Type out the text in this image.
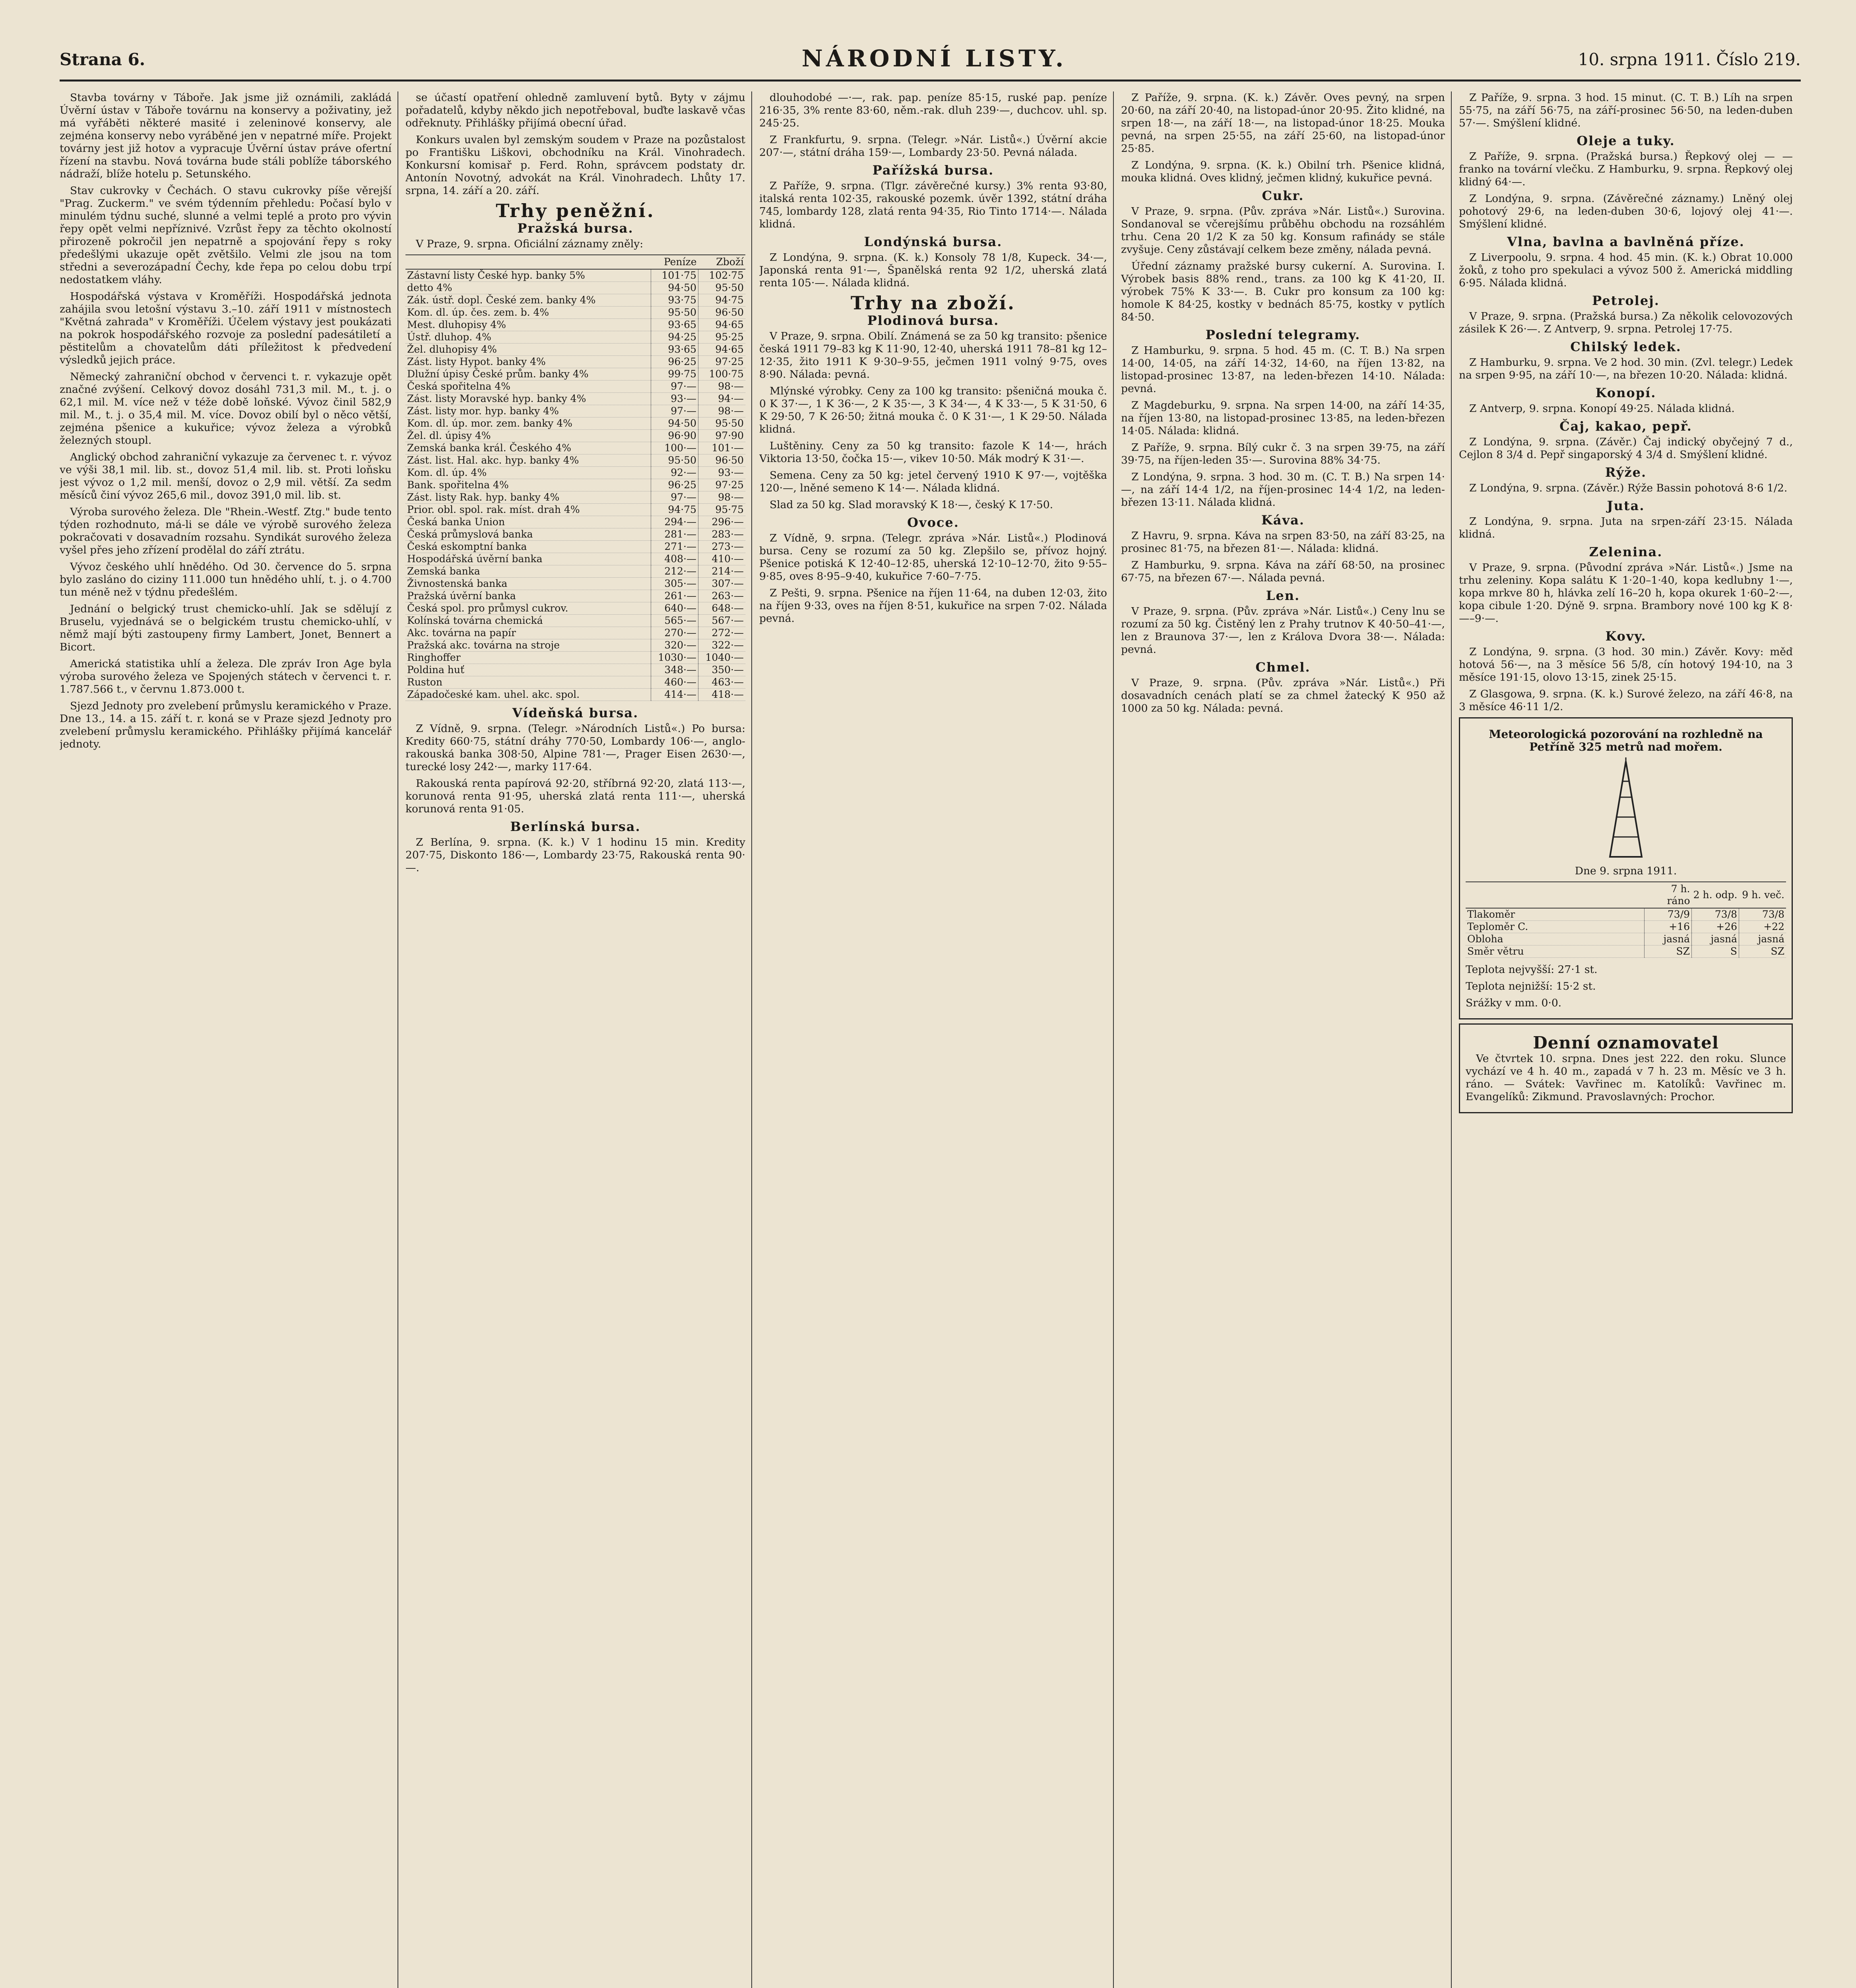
Strana 6.	NÁRODNÍ LISTY.	10. srpna 1911. Číslo 219.

Stavba továrny v Táboře. Jak jsme již oznámili, zakládá Úvěrní ústav v Táboře továrnu na konservy a poživatiny, jež má vyřáběti některé masité i zeleninové konservy, ale zejména konservy nebo vyráběné jen v nepatrné míře. Projekt továrny jest již hotov a vypracuje Úvěrní ústav práve ofertní řízení na stavbu. Nová továrna bude stáli poblíže táborského nádraží, blíže hotelu p. Setunského.

Stav cukrovky v Čechách. O stavu cukrovky píše věrejší "Prag. Zuckerm." ve svém týdenním přehledu: Počasí bylo v minulém týdnu suché, slunné a velmi teplé a proto pro vývin řepy opět velmi nepříznivé. Vzrůst řepy za těchto okolností přirozeně pokročil jen nepatrně a spojování řepy s roky předešlými ukazuje opět zvětšilo. Velmi zle jsou na tom středni a severozápadní Čechy, kde řepa po celou dobu trpí nedostatkem vláhy.

Hospodářská výstava v Kroměříži. Hospodářská jednota zahájila svou letošní výstavu 3.–10. září 1911 v místnostech "Květná zahrada" v Kroměříži. Účelem výstavy jest poukázati na pokrok hospodářského rozvoje za poslední padesátiletí a pěstitelům a chovatelům dáti příležitost k předvedení výsledků jejich práce.

Německý zahraniční obchod v červenci t. r. vykazuje opět značné zvýšení. Celkový dovoz dosáhl 731,3 mil. M., t. j. o 62,1 mil. M. více než v téže době loňské. Vývoz činil 582,9 mil. M., t. j. o 35,4 mil. M. více. Dovoz obilí byl o něco větší, zejména pšenice a kukuřice; vývoz železa a výrobků železných stoupl.

Anglický obchod zahraniční vykazuje za červenec t. r. vývoz ve výši 38,1 mil. lib. st., dovoz 51,4 mil. lib. st. Proti loňsku jest vývoz o 1,2 mil. menší, dovoz o 2,9 mil. větší. Za sedm měsíců činí vývoz 265,6 mil., dovoz 391,0 mil. lib. st.

Výroba surového železa. Dle "Rhein.-Westf. Ztg." bude tento týden rozhodnuto, má-li se dále ve výrobě surového železa pokračovati v dosavadním rozsahu. Syndikát surového železa vyšel přes jeho zřízení prodělal do září ztrátu.

Vývoz českého uhlí hnědého. Od 30. července do 5. srpna bylo zasláno do ciziny 111.000 tun hnědého uhlí, t. j. o 4.700 tun méně než v týdnu předešlém.

Jednání o belgický trust chemicko-uhlí. Jak se sdělují z Bruselu, vyjednává se o belgickém trustu chemicko-uhlí, v němž mají býti zastoupeny firmy Lambert, Jonet, Bennert a Bicort.

Americká statistika uhlí a železa. Dle zpráv Iron Age byla výroba surového železa ve Spojených státech v červenci t. r. 1.787.566 t., v červnu 1.873.000 t.

Sjezd Jednoty pro zvelebení průmyslu keramického v Praze. Dne 13., 14. a 15. září t. r. koná se v Praze sjezd Jednoty pro zvelebení průmyslu keramického. Přihlášky přijímá kancelář jednoty.

se účastí opatření ohledně zamluvení bytů. Byty v zájmu pořadatelů, kdyby někdo jich nepotřeboval, buďte laskavě včas odřeknuty. Přihlášky přijímá obecní úřad.

Konkurs uvalen byl zemským soudem v Praze na pozůstalost po Františku Liškovi, obchodníku na Král. Vinohradech. Konkursní komisař p. Ferd. Rohn, správcem podstaty dr. Antonín Novotný, advokát na Král. Vinohradech. Lhůty 17. srpna, 14. září a 20. září.

Trhy peněžní.
Pražská bursa.

V Praze, 9. srpna. Oficiální záznamy zněly:

	Peníze	Zboží
Zástavní listy České hyp. banky 5%	101·75	102·75
detto 4%	94·50	95·50
Zák. ústř. dopl. České zem. banky 4%	93·75	94·75
Kom. dl. úp. čes. zem. b. 4%	95·50	96·50
Mest. dluhopisy 4%	93·65	94·65
Ústř. dluhop. 4%	94·25	95·25
Žel. dluhopisy 4%	93·65	94·65
Zást. listy Hypot. banky 4%	96·25	97·25
Dlužní úpisy České prům. banky 4%	99·75	100·75
Česká spořitelna 4%	97·—	98·—
Zást. listy Moravské hyp. banky 4%	93·—	94·—
Zást. listy mor. hyp. banky 4%	97·—	98·—
Kom. dl. úp. mor. zem. banky 4%	94·50	95·50
Žel. dl. úpisy 4%	96·90	97·90
Zemská banka král. Českého 4%	100·—	101·—
Zást. list. Hal. akc. hyp. banky 4%	95·50	96·50
Kom. dl. úp. 4%	92·—	93·—
Bank. spořitelna 4%	96·25	97·25
Zást. listy Rak. hyp. banky 4%	97·—	98·—
Prior. obl. spol. rak. míst. drah 4%	94·75	95·75
Česká banka Union	294·—	296·—
Česká průmyslová banka	281·—	283·—
Česká eskomptní banka	271·—	273·—
Hospodářská úvěrní banka	408·—	410·—
Zemská banka	212·—	214·—
Živnostenská banka	305·—	307·—
Pražská úvěrní banka	261·—	263·—
Česká spol. pro průmysl cukrov.	640·—	648·—
Kolínská továrna chemická	565·—	567·—
Akc. továrna na papír	270·—	272·—
Pražská akc. továrna na stroje	320·—	322·—
Ringhoffer	1030·—	1040·—
Poldina huť	348·—	350·—
Ruston	460·—	463·—
Západočeské kam. uhel. akc. spol.	414·—	418·—
Vídeňská bursa.

Z Vídně, 9. srpna. (Telegr. »Národních Listů«.) Po bursa: Kredity 660·75, státní dráhy 770·50, Lombardy 106·—, anglo-rakouská banka 308·50, Alpine 781·—, Prager Eisen 2630·—, turecké losy 242·—, marky 117·64.

Rakouská renta papírová 92·20, stříbrná 92·20, zlatá 113·—, korunová renta 91·95, uherská zlatá renta 111·—, uherská korunová renta 91·05.

Berlínská bursa.

Z Berlína, 9. srpna. (K. k.) V 1 hodinu 15 min. Kredity 207·75, Diskonto 186·—, Lombardy 23·75, Rakouská renta 90·—.

dlouhodobé —·—, rak. pap. peníze 85·15, ruské pap. peníze 216·35, 3% rente 83·60, něm.-rak. dluh 239·—, duchcov. uhl. sp. 245·25.

Z Frankfurtu, 9. srpna. (Telegr. »Nár. Listů«.) Úvěrní akcie 207·—, státní dráha 159·—, Lombardy 23·50. Pevná nálada.

Pařížská bursa.

Z Paříže, 9. srpna. (Tlgr. závěrečné kursy.) 3% renta 93·80, italská renta 102·35, rakouské pozemk. úvěr 1392, státní dráha 745, lombardy 128, zlatá renta 94·35, Rio Tinto 1714·—. Nálada klidná.

Londýnská bursa.

Z Londýna, 9. srpna. (K. k.) Konsoly 78 1/8, Kupeck. 34·—, Japonská renta 91·—, Španělská renta 92 1/2, uherská zlatá renta 105·—. Nálada klidná.

Trhy na zboží.
Plodinová bursa.

V Praze, 9. srpna. Obilí. Známená se za 50 kg transito: pšenice česká 1911 79–83 kg K 11·90, 12·40, uherská 1911 78–81 kg 12–12·35, žito 1911 K 9·30–9·55, ječmen 1911 volný 9·75, oves 8·90. Nálada: pevná.

Mlýnské výrobky. Ceny za 100 kg transito: pšeničná mouka č. 0 K 37·—, 1 K 36·—, 2 K 35·—, 3 K 34·—, 4 K 33·—, 5 K 31·50, 6 K 29·50, 7 K 26·50; žitná mouka č. 0 K 31·—, 1 K 29·50. Nálada klidná.

Luštěniny. Ceny za 50 kg transito: fazole K 14·—, hrách Viktoria 13·50, čočka 15·—, vikev 10·50. Mák modrý K 31·—.

Semena. Ceny za 50 kg: jetel červený 1910 K 97·—, vojtěška 120·—, lněné semeno K 14·—. Nálada klidná.

Slad za 50 kg. Slad moravský K 18·—, český K 17·50.

Ovoce.

Z Vídně, 9. srpna. (Telegr. zpráva »Nár. Listů«.) Plodinová bursa. Ceny se rozumí za 50 kg. Zlepšilo se, přívoz hojný. Pšenice potiská K 12·40–12·85, uherská 12·10–12·70, žito 9·55–9·85, oves 8·95–9·40, kukuřice 7·60–7·75.

Z Pešti, 9. srpna. Pšenice na říjen 11·64, na duben 12·03, žito na říjen 9·33, oves na říjen 8·51, kukuřice na srpen 7·02. Nálada pevná.

Z Paříže, 9. srpna. (K. k.) Závěr. Oves pevný, na srpen 20·60, na září 20·40, na listopad-únor 20·95. Žito klidné, na srpen 18·—, na září 18·—, na listopad-únor 18·25. Mouka pevná, na srpen 25·55, na září 25·60, na listopad-únor 25·85.

Z Londýna, 9. srpna. (K. k.) Obilní trh. Pšenice klidná, mouka klidná. Oves klidný, ječmen klidný, kukuřice pevná.

Cukr.

V Praze, 9. srpna. (Pův. zpráva »Nár. Listů«.) Surovina. Sondanoval se včerejšímu průběhu obchodu na rozsáhlém trhu. Cena 20 1/2 K za 50 kg. Konsum rafinády se stále zvyšuje. Ceny zůstávají celkem beze změny, nálada pevná.

Úřední záznamy pražské bursy cukerní. A. Surovina. I. Výrobek basis 88% rend., trans. za 100 kg K 41·20, II. výrobek 75% K 33·—. B. Cukr pro konsum za 100 kg: homole K 84·25, kostky v bednách 85·75, kostky v pytlích 84·50.

Poslední telegramy.

Z Hamburku, 9. srpna. 5 hod. 45 m. (C. T. B.) Na srpen 14·00, 14·05, na září 14·32, 14·60, na říjen 13·82, na listopad-prosinec 13·87, na leden-březen 14·10. Nálada: pevná.

Z Magdeburku, 9. srpna. Na srpen 14·00, na září 14·35, na říjen 13·80, na listopad-prosinec 13·85, na leden-březen 14·05. Nálada: klidná.

Z Paříže, 9. srpna. Bílý cukr č. 3 na srpen 39·75, na září 39·75, na říjen-leden 35·—. Surovina 88% 34·75.

Z Londýna, 9. srpna. 3 hod. 30 m. (C. T. B.) Na srpen 14·—, na září 14·4 1/2, na říjen-prosinec 14·4 1/2, na leden-březen 13·11. Nálada klidná.

Káva.

Z Havru, 9. srpna. Káva na srpen 83·50, na září 83·25, na prosinec 81·75, na březen 81·—. Nálada: klidná.

Z Hamburku, 9. srpna. Káva na září 68·50, na prosinec 67·75, na březen 67·—. Nálada pevná.

Len.

V Praze, 9. srpna. (Pův. zpráva »Nár. Listů«.) Ceny lnu se rozumí za 50 kg. Čistěný len z Prahy trutnov K 40·50–41·—, len z Braunova 37·—, len z Králova Dvora 38·—. Nálada: pevná.

Chmel.

V Praze, 9. srpna. (Pův. zpráva »Nár. Listů«.) Při dosavadních cenách platí se za chmel žatecký K 950 až 1000 za 50 kg. Nálada: pevná.

Z Paříže, 9. srpna. 3 hod. 15 minut. (C. T. B.) Líh na srpen 55·75, na září 56·75, na září-prosinec 56·50, na leden-duben 57·—. Smýšlení klidné.

Oleje a tuky.

Z Paříže, 9. srpna. (Pražská bursa.) Řepkový olej — — franko na tovární vlečku. Z Hamburku, 9. srpna. Řepkový olej klidný 64·—.

Z Londýna, 9. srpna. (Závěrečné záznamy.) Lněný olej pohotový 29·6, na leden-duben 30·6, lojový olej 41·—. Smýšlení klidné.

Vlna, bavlna a bavlněná příze.

Z Liverpoolu, 9. srpna. 4 hod. 45 min. (K. k.) Obrat 10.000 žoků, z toho pro spekulaci a vývoz 500 ž. Americká middling 6·95. Nálada klidná.

Petrolej.

V Praze, 9. srpna. (Pražská bursa.) Za několik celovozových zásilek K 26·—. Z Antverp, 9. srpna. Petrolej 17·75.

Chilský ledek.

Z Hamburku, 9. srpna. Ve 2 hod. 30 min. (Zvl. telegr.) Ledek na srpen 9·95, na září 10·—, na březen 10·20. Nálada: klidná.

Konopí.

Z Antverp, 9. srpna. Konopí 49·25. Nálada klidná.

Čaj, kakao, pepř.

Z Londýna, 9. srpna. (Závěr.) Čaj indický obyčejný 7 d., Cejlon 8 3/4 d. Pepř singaporský 4 3/4 d. Smýšlení klidné.

Rýže.

Z Londýna, 9. srpna. (Závěr.) Rýže Bassin pohotová 8·6 1/2.

Juta.

Z Londýna, 9. srpna. Juta na srpen-září 23·15. Nálada klidná.

Zelenina.

V Praze, 9. srpna. (Původní zpráva »Nár. Listů«.) Jsme na trhu zeleniny. Kopa salátu K 1·20–1·40, kopa kedlubny 1·—, kopa mrkve 80 h, hlávka zelí 16–20 h, kopa okurek 1·60–2·—, kopa cibule 1·20. Dýně 9. srpna. Brambory nové 100 kg K 8·—–9·—.

Kovy.

Z Londýna, 9. srpna. (3 hod. 30 min.) Závěr. Kovy: měď hotová 56·—, na 3 měsíce 56 5/8, cín hotový 194·10, na 3 měsíce 191·15, olovo 13·15, zinek 25·15.

Z Glasgowa, 9. srpna. (K. k.) Surové železo, na září 46·8, na 3 měsíce 46·11 1/2.

Meteorologická pozorování na rozhledně na Petříně 325 metrů nad mořem.

Dne 9. srpna 1911.

	7 h. ráno	2 h. odp.	9 h. več.
Tlakoměr	73/9	73/8	73/8
Teploměr C.	+16	+26	+22
Obloha	jasná	jasná	jasná
Směr větru	SZ	S	SZ

Teplota nejvyšší: 27·1 st.

Teplota nejnižší: 15·2 st.

Srážky v mm. 0·0.

Denní oznamovatel

Ve čtvrtek 10. srpna. Dnes jest 222. den roku. Slunce vychází ve 4 h. 40 m., zapadá v 7 h. 23 m. Měsíc ve 3 h. ráno. — Svátek: Vavřinec m. Katolíků: Vavřinec m. Evangelíků: Zikmund. Pravoslavných: Prochor.
